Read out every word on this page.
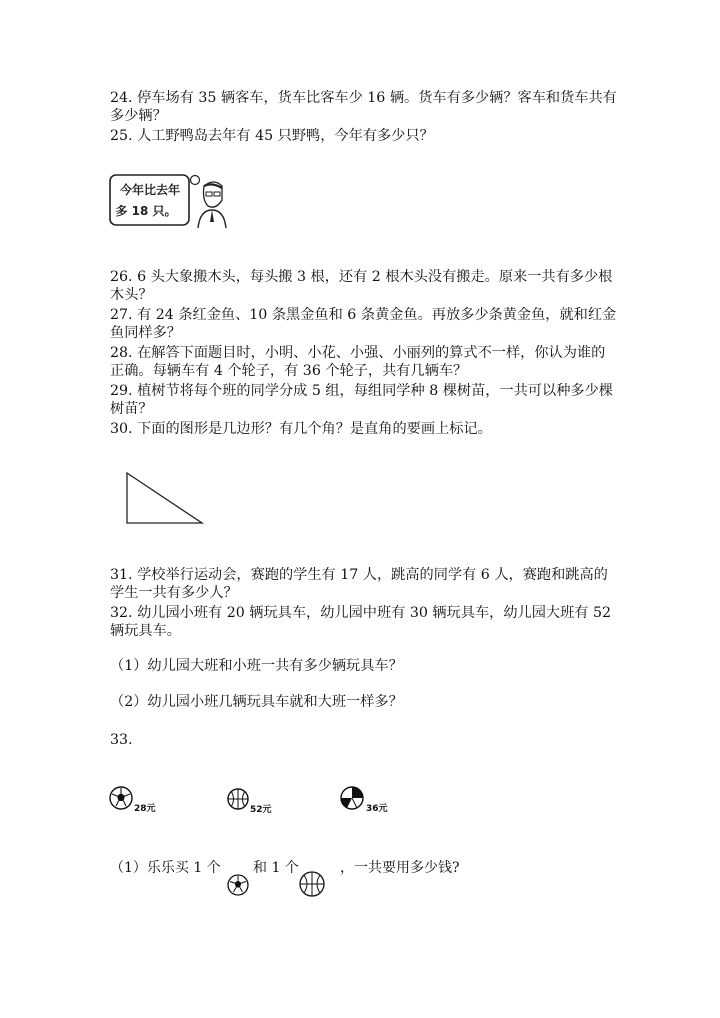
24. 停车场有 35 辆客车，货车比客车少 16 辆。货车有多少辆？客车和货车共有
多少辆？
25. 人工野鸭岛去年有 45 只野鸭，今年有多少只？
今年比去年
多 18 只。
26. 6 头大象搬木头，每头搬 3 根，还有 2 根木头没有搬走。原来一共有多少根
木头？
27. 有 24 条红金鱼、10 条黑金鱼和 6 条黄金鱼。再放多少条黄金鱼，就和红金
鱼同样多？
28. 在解答下面题目时，小明、小花、小强、小丽列的算式不一样，你认为谁的
正确。每辆车有 4 个轮子，有 36 个轮子，共有几辆车？
29. 植树节将每个班的同学分成 5 组，每组同学种 8 棵树苗，一共可以种多少棵
树苗？
30. 下面的图形是几边形？有几个角？是直角的要画上标记。
31. 学校举行运动会，赛跑的学生有 17 人，跳高的同学有 6 人，赛跑和跳高的
学生一共有多少人？
32. 幼儿园小班有 20 辆玩具车，幼儿园中班有 30 辆玩具车，幼儿园大班有 52
辆玩具车。
（1）幼儿园大班和小班一共有多少辆玩具车？
（2）幼儿园小班几辆玩具车就和大班一样多？
33.
28元	52元	36元
（1）乐乐买 1 个 和 1 个	，一共要用多少钱?
